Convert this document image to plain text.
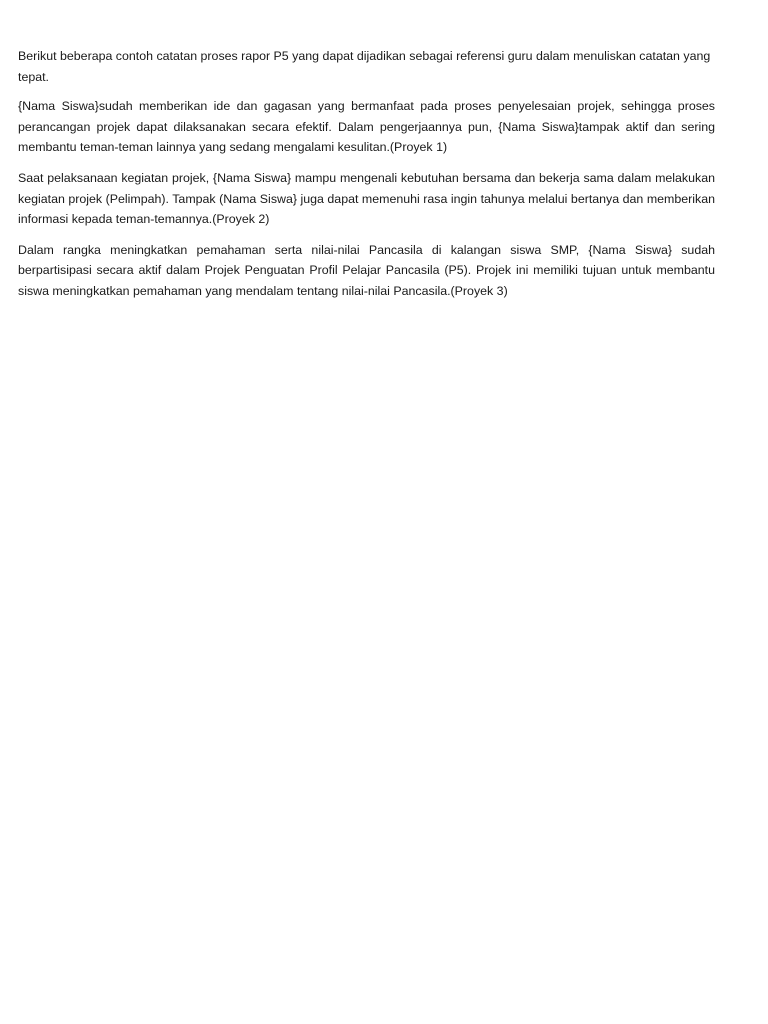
Berikut beberapa contoh catatan proses rapor P5 yang dapat dijadikan sebagai referensi guru dalam menuliskan catatan yang tepat.

{Nama Siswa}sudah memberikan ide dan gagasan yang bermanfaat pada proses penyelesaian projek, sehingga proses perancangan projek dapat dilaksanakan secara efektif. Dalam pengerjaannya pun, {Nama Siswa}tampak aktif dan sering membantu teman-teman lainnya yang sedang mengalami kesulitan.(Proyek 1)

Saat pelaksanaan kegiatan projek, {Nama Siswa} mampu mengenali kebutuhan bersama dan bekerja sama dalam melakukan kegiatan projek (Pelimpah). Tampak (Nama Siswa} juga dapat memenuhi rasa ingin tahunya melalui bertanya dan memberikan informasi kepada teman-temannya.(Proyek 2)

Dalam rangka meningkatkan pemahaman serta nilai-nilai Pancasila di kalangan siswa SMP, {Nama Siswa} sudah berpartisipasi secara aktif dalam Projek Penguatan Profil Pelajar Pancasila (P5). Projek ini memiliki tujuan untuk membantu siswa meningkatkan pemahaman yang mendalam tentang nilai-nilai Pancasila.(Proyek 3)
